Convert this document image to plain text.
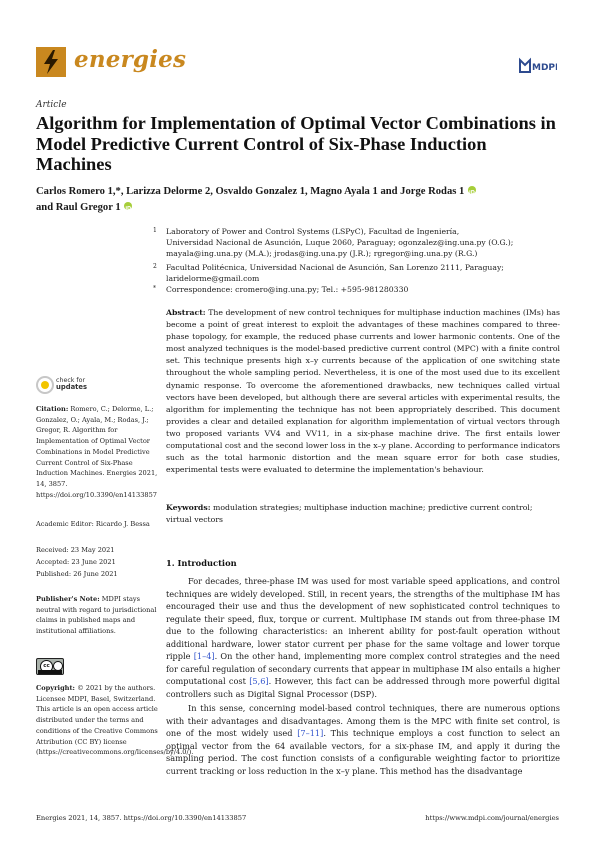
energies	MDPI
Article
Algorithm for Implementation of Optimal Vector Combinations in Model Predictive Current Control of Six-Phase Induction Machines
Carlos Romero 1,*, Larizza Delorme 2, Osvaldo Gonzalez 1, Magno Ayala 1 and Jorge Rodas 1 iD
and Raul Gregor 1 iD
1 Laboratory of Power and Control Systems (LSPyC), Facultad de Ingeniería,
Universidad Nacional de Asunción, Luque 2060, Paraguay; ogonzalez@ing.una.py (O.G.);
mayala@ing.una.py (M.A.); jrodas@ing.una.py (J.R.); rgregor@ing.una.py (R.G.)
2 Facultad Politécnica, Universidad Nacional de Asunción, San Lorenzo 2111, Paraguay;
laridelorme@gmail.com
* Correspondence: cromero@ing.una.py; Tel.: +595-981280330
Abstract: The development of new control techniques for multiphase induction machines (IMs) has become a point of great interest to exploit the advantages of these machines compared to three-phase topology, for example, the reduced phase currents and lower harmonic contents. One of the most analyzed techniques is the model-based predictive current control (MPC) with a finite control set. This technique presents high x–y currents because of the application of one switching state throughout the whole sampling period. Nevertheless, it is one of the most used due to its excellent dynamic response. To overcome the aforementioned drawbacks, new techniques called virtual vectors have been developed, but although there are several articles with experimental results, the algorithm for implementing the technique has not been appropriately described. This document provides a clear and detailed explanation for algorithm implementation of virtual vectors through two proposed variants VV4 and VV11, in a six-phase machine drive. The first entails lower computational cost and the second lower loss in the x–y plane. According to performance indicators such as the total harmonic distortion and the mean square error for both case studies, experimental tests were evaluated to determine the implementation's behaviour.
Keywords: modulation strategies; multiphase induction machine; predictive current control; virtual vectors
check for
updates
Citation: Romero, C.; Delorme, L.; Gonzalez, O.; Ayala, M.; Rodas, J.; Gregor, R. Algorithm for Implementation of Optimal Vector Combinations in Model Predictive Current Control of Six-Phase Induction Machines. Energies 2021, 14, 3857. https://doi.org/10.3390/en14133857
Academic Editor: Ricardo J. Bessa
Received: 23 May 2021
Accepted: 23 June 2021
Published: 26 June 2021
Publisher's Note: MDPI stays neutral with regard to jurisdictional claims in published maps and institutional affiliations.
cc
Copyright: © 2021 by the authors. Licensee MDPI, Basel, Switzerland. This article is an open access article distributed under the terms and conditions of the Creative Commons Attribution (CC BY) license (https://creativecommons.org/licenses/by/4.0/).
1. Introduction
For decades, three-phase IM was used for most variable speed applications, and control techniques are widely developed. Still, in recent years, the strengths of the multiphase IM has encouraged their use and thus the development of new sophisticated control techniques to regulate their speed, flux, torque or current. Multiphase IM stands out from three-phase IM due to the following characteristics: an inherent ability for post-fault operation without additional hardware, lower stator current per phase for the same voltage and lower torque ripple [1–4]. On the other hand, implementing more complex control strategies and the need for careful regulation of secondary currents that appear in multiphase IM also entails a higher computational cost [5,6]. However, this fact can be addressed through more powerful digital controllers such as Digital Signal Processor (DSP).
In this sense, concerning model-based control techniques, there are numerous options with their advantages and disadvantages. Among them is the MPC with finite set control, is one of the most widely used [7–11]. This technique employs a cost function to select an optimal vector from the 64 available vectors, for a six-phase IM, and apply it during the sampling period. The cost function consists of a configurable weighting factor to prioritize current tracking or loss reduction in the x–y plane. This method has the disadvantage
Energies 2021, 14, 3857. https://doi.org/10.3390/en14133857	https://www.mdpi.com/journal/energies
